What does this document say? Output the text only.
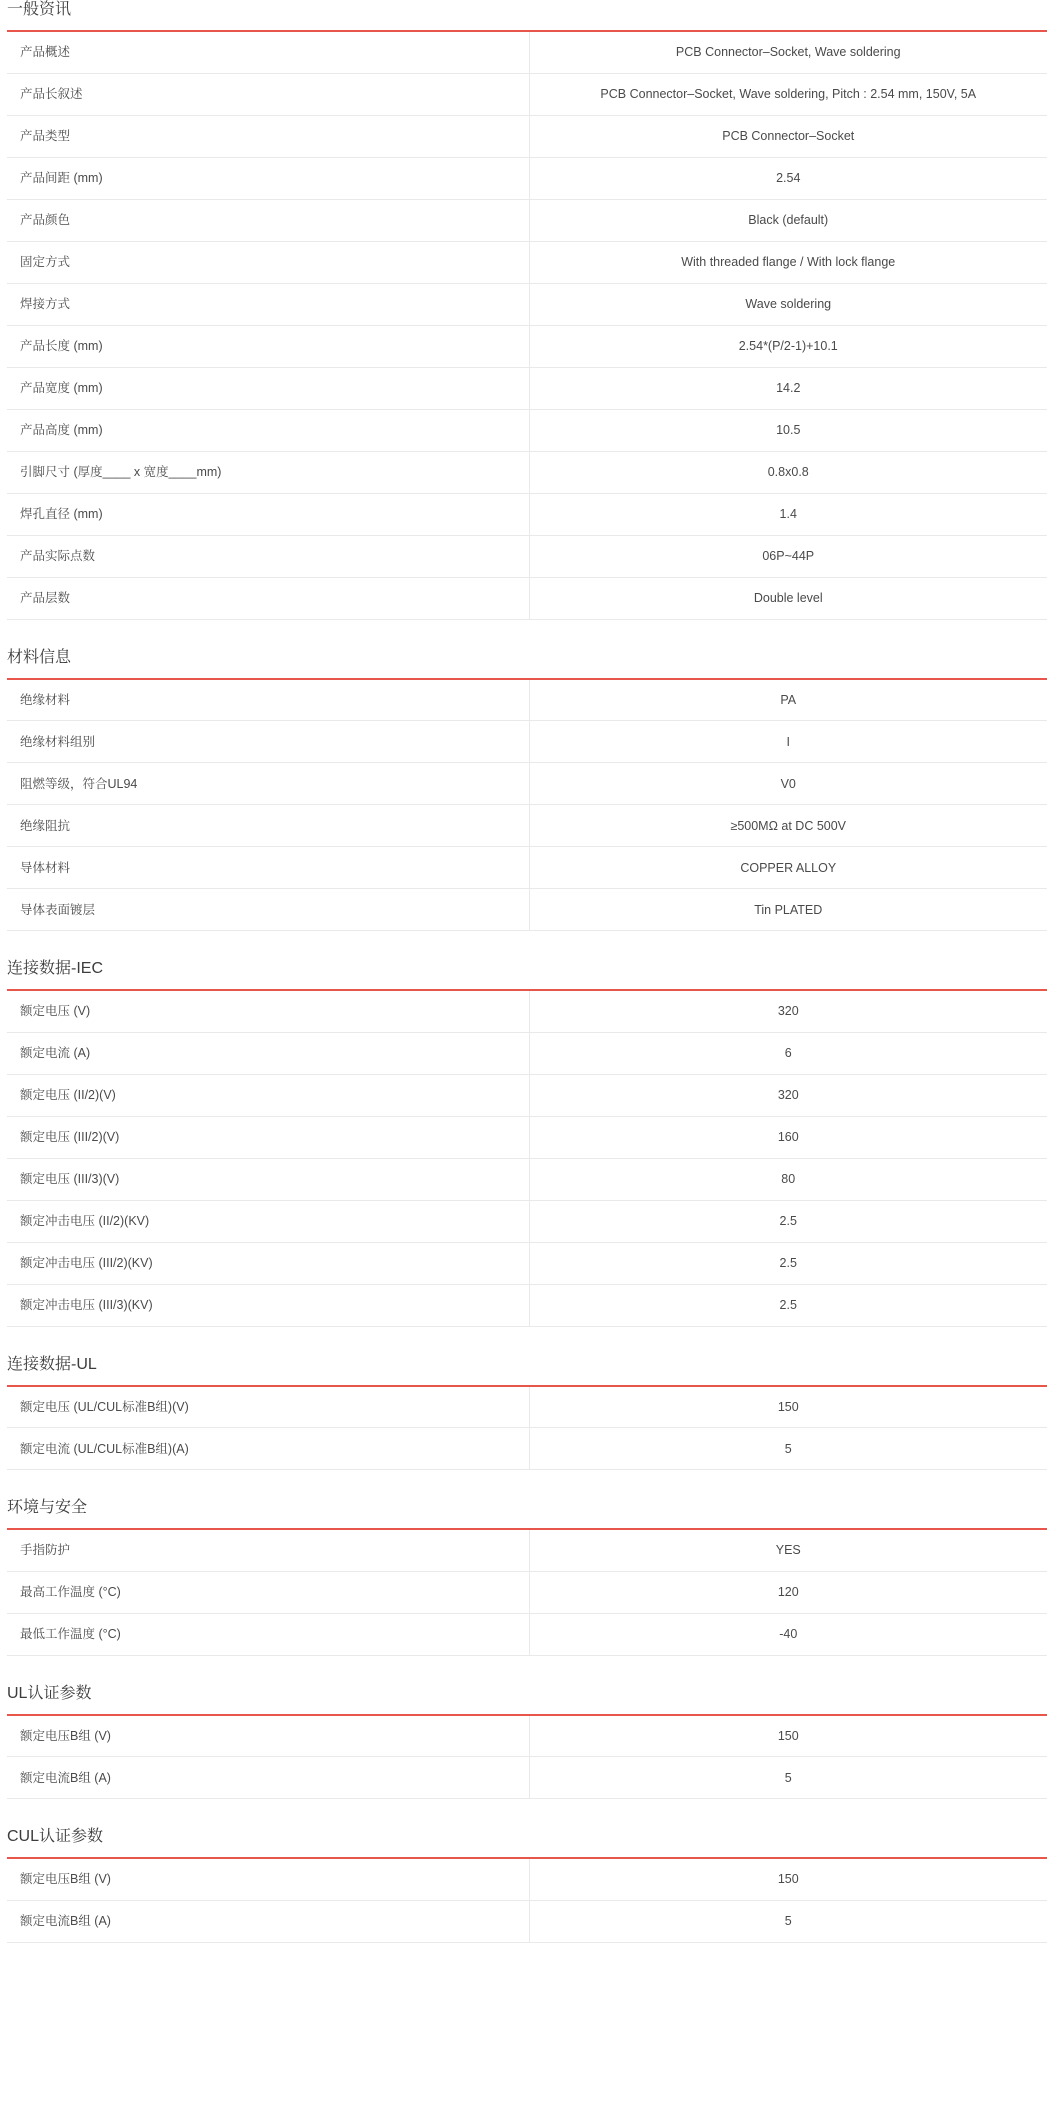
一般资讯
产品概述	PCB Connector–Socket, Wave soldering
产品长叙述	PCB Connector–Socket, Wave soldering, Pitch : 2.54 mm, 150V, 5A
产品类型	PCB Connector–Socket
产品间距 (mm)	2.54
产品颜色	Black (default)
固定方式	With threaded flange / With lock flange
焊接方式	Wave soldering
产品长度 (mm)	2.54*(P/2-1)+10.1
产品宽度 (mm)	14.2
产品高度 (mm)	10.5
引脚尺寸 (厚度____ x 宽度____mm)	0.8x0.8
焊孔直径 (mm)	1.4
产品实际点数	06P~44P
产品层数	Double level
材料信息
绝缘材料	PA
绝缘材料组别	I
阻燃等级，符合UL94	V0
绝缘阻抗	≥500MΩ at DC 500V
导体材料	COPPER ALLOY
导体表面镀层	Tin PLATED
连接数据-IEC
额定电压 (V)	320
额定电流 (A)	6
额定电压 (II/2)(V)	320
额定电压 (III/2)(V)	160
额定电压 (III/3)(V)	80
额定冲击电压 (II/2)(KV)	2.5
额定冲击电压 (III/2)(KV)	2.5
额定冲击电压 (III/3)(KV)	2.5
连接数据-UL
额定电压 (UL/CUL标准B组)(V)	150
额定电流 (UL/CUL标准B组)(A)	5
环境与安全
手指防护	YES
最高工作温度 (°C)	120
最低工作温度 (°C)	-40
UL认证参数
额定电压B组 (V)	150
额定电流B组 (A)	5
CUL认证参数
额定电压B组 (V)	150
额定电流B组 (A)	5
